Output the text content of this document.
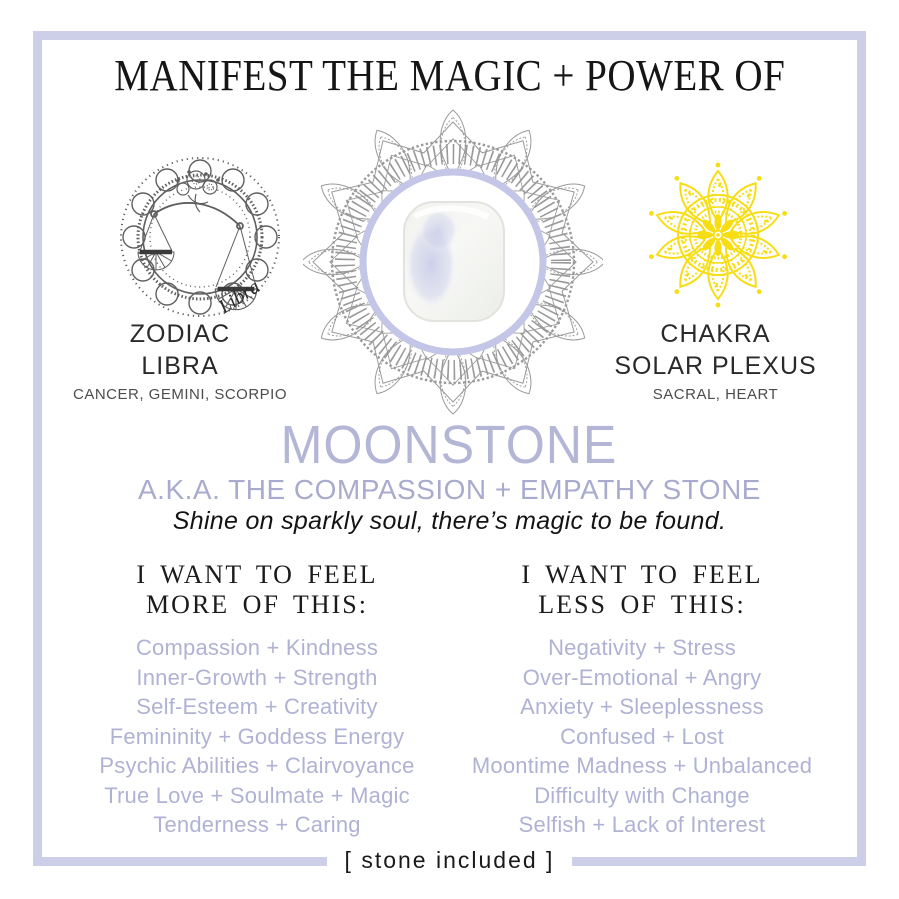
MANIFEST THE MAGIC + POWER OF
Libra
ZODIAC
LIBRA
CANCER, GEMINI, SCORPIO
CHAKRA
SOLAR PLEXUS
SACRAL, HEART
MOONSTONE
A.K.A. THE COMPASSION + EMPATHY STONE
Shine on sparkly soul, there’s magic to be found.
I WANT TO FEEL
MORE OF THIS:
Compassion + Kindness
Inner-Growth + Strength
Self-Esteem + Creativity
Femininity + Goddess Energy
Psychic Abilities + Clairvoyance
True Love + Soulmate + Magic
Tenderness + Caring
I WANT TO FEEL
LESS OF THIS:
Negativity + Stress
Over-Emotional + Angry
Anxiety + Sleeplessness
Confused + Lost
Moontime Madness + Unbalanced
Difficulty with Change
Selfish + Lack of Interest
[ stone included ]
